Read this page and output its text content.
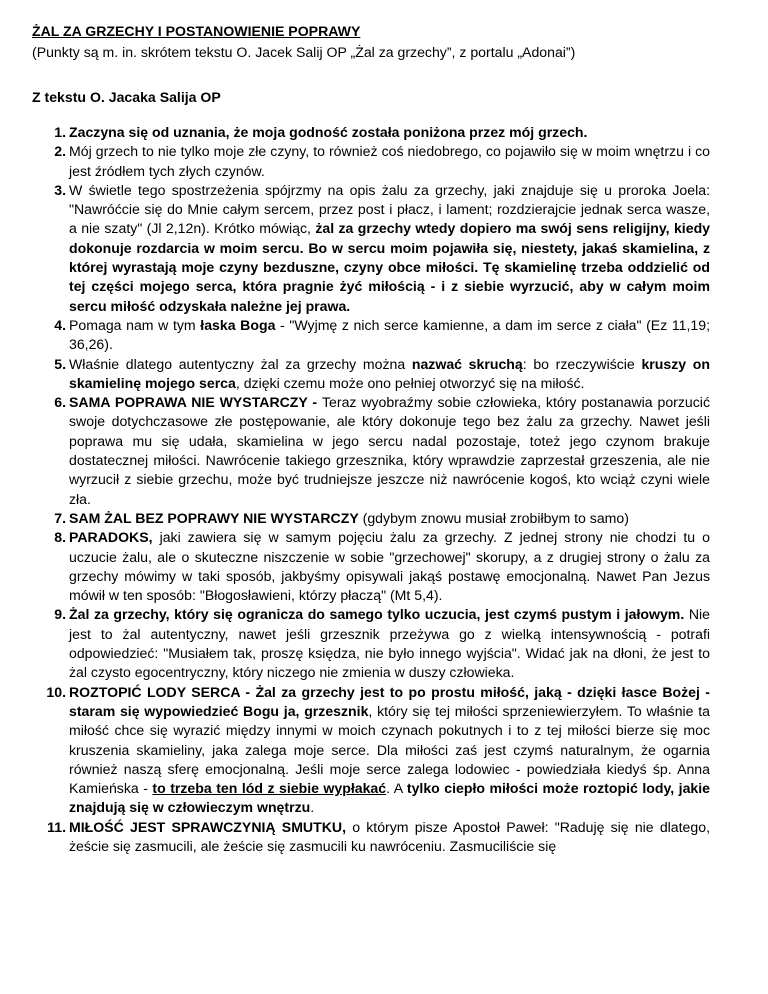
ŻAL ZA GRZECHY I POSTANOWIENIE POPRAWY
(Punkty są m. in. skrótem tekstu O. Jacek Salij OP „Żal za grzechy”, z portalu „Adonai”)
Z tekstu O. Jacaka Salija OP
1. Zaczyna się od uznania, że moja godność została poniżona przez mój grzech.
2. Mój grzech to nie tylko moje złe czyny, to również coś niedobrego, co pojawiło się w moim wnętrzu i co jest źródłem tych złych czynów.
3. W świetle tego spostrzeżenia spójrzmy na opis żalu za grzechy, jaki znajduje się u proroka Joela: "Nawróćcie się do Mnie całym sercem, przez post i płacz, i lament; rozdzierajcie jednak serca wasze, a nie szaty" (Jl 2,12n). Krótko mówiąc, żal za grzechy wtedy dopiero ma swój sens religijny, kiedy dokonuje rozdarcia w moim sercu. Bo w sercu moim pojawiła się, niestety, jakaś skamielina, z której wyrastają moje czyny bezduszne, czyny obce miłości. Tę skamielinę trzeba oddzielić od tej części mojego serca, która pragnie żyć miłością - i z siebie wyrzucić, aby w całym moim sercu miłość odzyskała należne jej prawa.
4. Pomaga nam w tym łaska Boga - "Wyjmę z nich serce kamienne, a dam im serce z ciała" (Ez 11,19; 36,26).
5. Właśnie dlatego autentyczny żal za grzechy można nazwać skruchą: bo rzeczywiście kruszy on skamielinę mojego serca, dzięki czemu może ono pełniej otworzyć się na miłość.
6. SAMA POPRAWA NIE WYSTARCZY - Teraz wyobraźmy sobie człowieka, który postanawia porzucić swoje dotychczasowe złe postępowanie, ale który dokonuje tego bez żalu za grzechy. Nawet jeśli poprawa mu się udała, skamielina w jego sercu nadal pozostaje, toteż jego czynom brakuje dostatecznej miłości. Nawrócenie takiego grzesznika, który wprawdzie zaprzestał grzeszenia, ale nie wyrzucił z siebie grzechu, może być trudniejsze jeszcze niż nawrócenie kogoś, kto wciąż czyni wiele zła.
7. SAM ŻAL BEZ POPRAWY NIE WYSTARCZY (gdybym znowu musiał zrobiłbym to samo)
8. PARADOKS, jaki zawiera się w samym pojęciu żalu za grzechy. Z jednej strony nie chodzi tu o uczucie żalu, ale o skuteczne niszczenie w sobie "grzechowej" skorupy, a z drugiej strony o żalu za grzechy mówimy w taki sposób, jakbyśmy opisywali jakąś postawę emocjonalną. Nawet Pan Jezus mówił w ten sposób: "Błogosławieni, którzy płaczą" (Mt 5,4).
9. Żal za grzechy, który się ogranicza do samego tylko uczucia, jest czymś pustym i jałowym. Nie jest to żal autentyczny, nawet jeśli grzesznik przeżywa go z wielką intensywnością - potrafi odpowiedzieć: "Musiałem tak, proszę księdza, nie było innego wyjścia". Widać jak na dłoni, że jest to żal czysto egocentryczny, który niczego nie zmienia w duszy człowieka.
10. ROZTOPIĆ LODY SERCA - Żal za grzechy jest to po prostu miłość, jaką - dzięki łasce Bożej - staram się wypowiedzieć Bogu ja, grzesznik, który się tej miłości sprzeniewierzyłem. To właśnie ta miłość chce się wyrazić między innymi w moich czynach pokutnych i to z tej miłości bierze się moc kruszenia skamieliny, jaka zalega moje serce. Dla miłości zaś jest czymś naturalnym, że ogarnia również naszą sferę emocjonalną. Jeśli moje serce zalega lodowiec - powiedziała kiedyś śp. Anna Kamieńska - to trzeba ten lód z siebie wypłakać. A tylko ciepło miłości może roztopić lody, jakie znajdują się w człowieczym wnętrzu.
11. MIŁOŚĆ JEST SPRAWCZYNIĄ SMUTKU, o którym pisze Apostoł Paweł: "Raduję się nie dlatego, żeście się zasmucili, ale żeście się zasmucili ku nawróceniu. Zasmuciliście się
